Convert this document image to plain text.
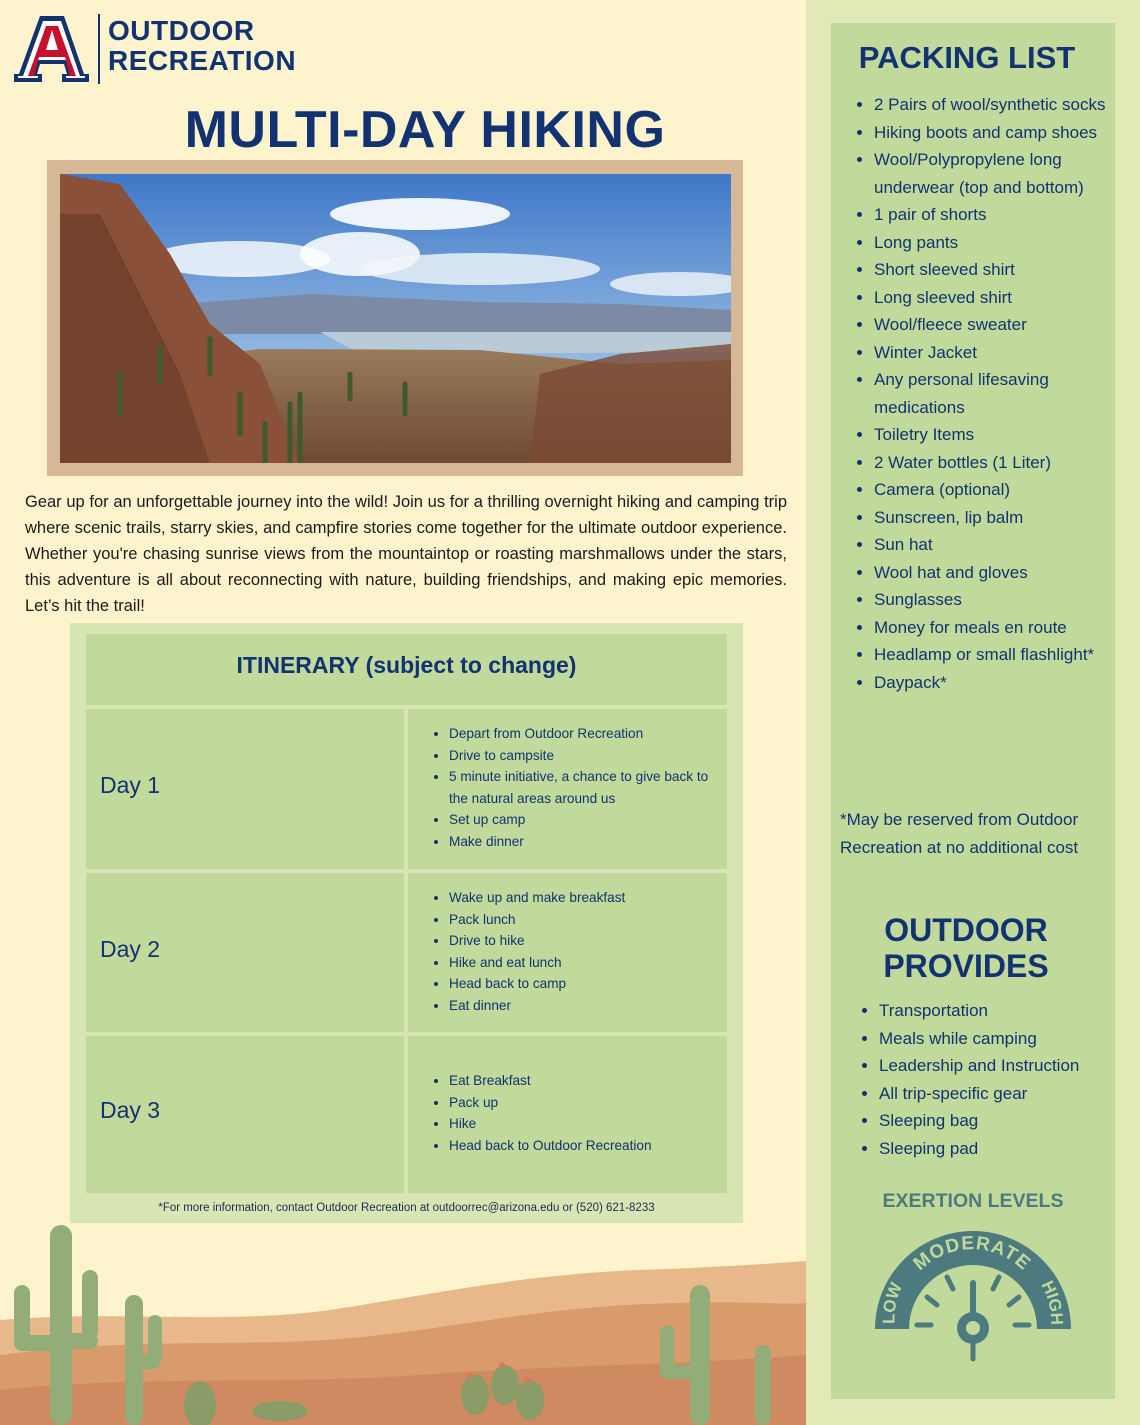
®
OUTDOOR
RECREATION
MULTI-DAY HIKING
Gear up for an unforgettable journey into the wild! Join us for a thrilling overnight hiking and camping trip where scenic trails, starry skies, and campfire stories come together for the ultimate outdoor experience. Whether you're chasing sunrise views from the mountaintop or roasting marshmallows under the stars, this adventure is all about reconnecting with nature, building friendships, and making epic memories. Let’s hit the trail!
ITINERARY (subject to change)
Day 1
• Depart from Outdoor Recreation
• Drive to campsite
• 5 minute initiative, a chance to give back to the natural areas around us
• Set up camp
• Make dinner
Day 2
• Wake up and make breakfast
• Pack lunch
• Drive to hike
• Hike and eat lunch
• Head back to camp
• Eat dinner
Day 3
• Eat Breakfast
• Pack up
• Hike
• Head back to Outdoor Recreation
*For more information, contact Outdoor Recreation at outdoorrec@arizona.edu or (520) 621-8233
PACKING LIST
• 2 Pairs of wool/synthetic socks
• Hiking boots and camp shoes
• Wool/Polypropylene long underwear (top and bottom)
• 1 pair of shorts
• Long pants
• Short sleeved shirt
• Long sleeved shirt
• Wool/fleece sweater
• Winter Jacket
• Any personal lifesaving medications
• Toiletry Items
• 2 Water bottles (1 Liter)
• Camera (optional)
• Sunscreen, lip balm
• Sun hat
• Wool hat and gloves
• Sunglasses
• Money for meals en route
• Headlamp or small flashlight*
• Daypack*
*May be reserved from Outdoor Recreation at no additional cost
OUTDOOR
PROVIDES
• Transportation
• Meals while camping
• Leadership and Instruction
• All trip-specific gear
• Sleeping bag
• Sleeping pad
EXERTION LEVELS
MODERATE
LOW	HIGH
